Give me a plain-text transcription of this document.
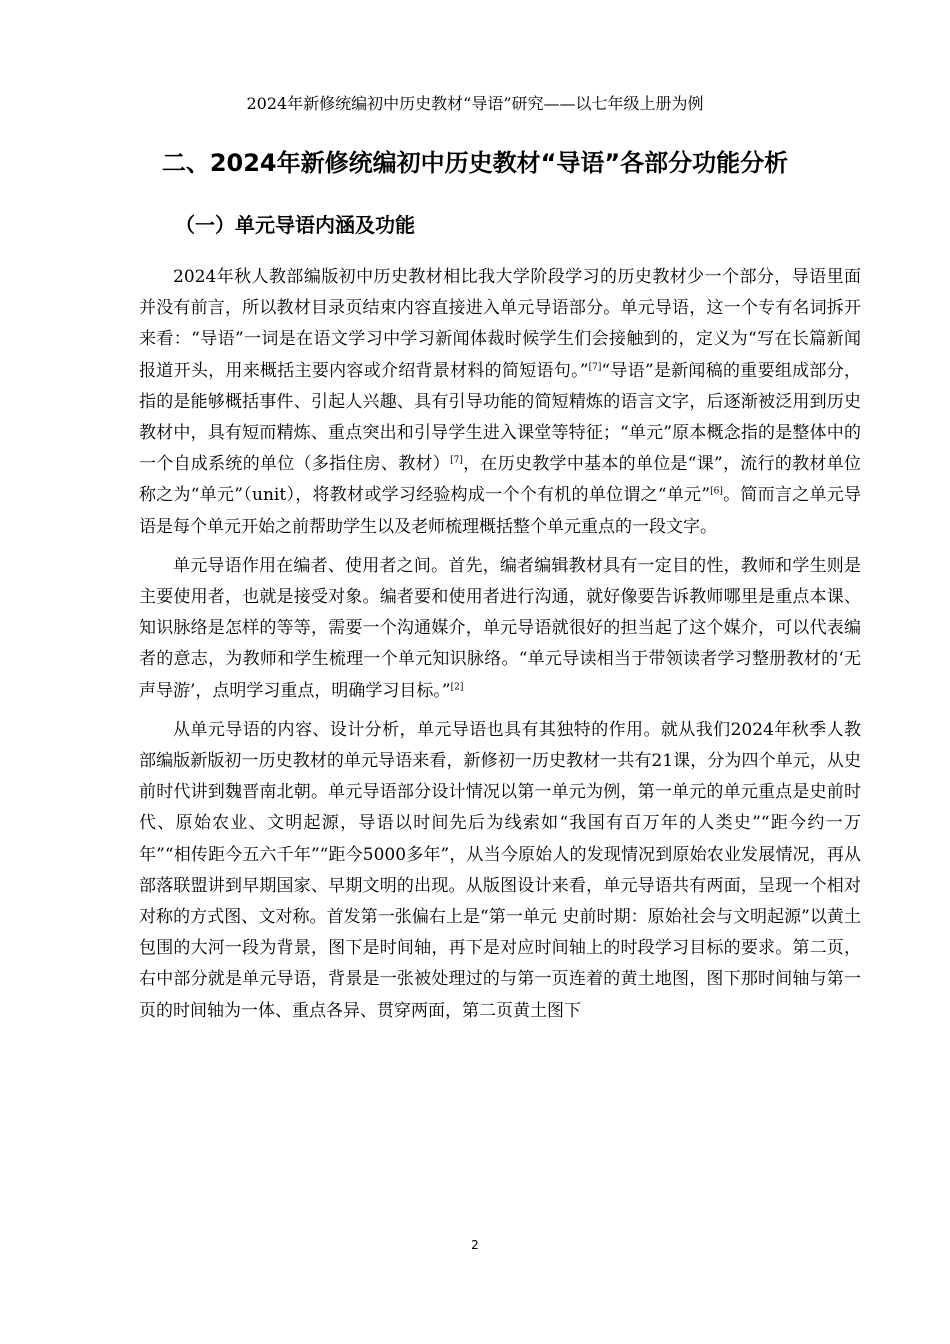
2024年新修统编初中历史教材“导语”研究——以七年级上册为例
二、2024年新修统编初中历史教材“导语”各部分功能分析
（一）单元导语内涵及功能

2024年秋人教部编版初中历史教材相比我大学阶段学习的历史教材少一个部分，导语里面并没有前言，所以教材目录页结束内容直接进入单元导语部分。单元导语，这一个专有名词拆开来看：“导语”一词是在语文学习中学习新闻体裁时候学生们会接触到的，定义为“写在长篇新闻报道开头，用来概括主要内容或介绍背景材料的简短语句。”[7]“导语”是新闻稿的重要组成部分，指的是能够概括事件、引起人兴趣、具有引导功能的简短精炼的语言文字，后逐渐被泛用到历史教材中，具有短而精炼、重点突出和引导学生进入课堂等特征；“单元”原本概念指的是整体中的一个自成系统的单位（多指住房、教材）[7]，在历史教学中基本的单位是“课”，流行的教材单位称之为“单元”（unit），将教材或学习经验构成一个个有机的单位谓之“单元”[6]。简而言之单元导语是每个单元开始之前帮助学生以及老师梳理概括整个单元重点的一段文字。

单元导语作用在编者、使用者之间。首先，编者编辑教材具有一定目的性，教师和学生则是主要使用者，也就是接受对象。编者要和使用者进行沟通，就好像要告诉教师哪里是重点本课、知识脉络是怎样的等等，需要一个沟通媒介，单元导语就很好的担当起了这个媒介，可以代表编者的意志，为教师和学生梳理一个单元知识脉络。“单元导读相当于带领读者学习整册教材的‘无声导游’，点明学习重点，明确学习目标。”[2]

从单元导语的内容、设计分析，单元导语也具有其独特的作用。就从我们2024年秋季人教部编版新版初一历史教材的单元导语来看，新修初一历史教材一共有21课，分为四个单元，从史前时代讲到魏晋南北朝。单元导语部分设计情况以第一单元为例，第一单元的单元重点是史前时代、原始农业、文明起源，导语以时间先后为线索如“我国有百万年的人类史”“距今约一万年”“相传距今五六千年”“距今5000多年”，从当今原始人的发现情况到原始农业发展情况，再从部落联盟讲到早期国家、早期文明的出现。从版图设计来看，单元导语共有两面，呈现一个相对对称的方式图、文对称。首发第一张偏右上是“第一单元 史前时期：原始社会与文明起源”以黄土包围的大河一段为背景，图下是时间轴，再下是对应时间轴上的时段学习目标的要求。第二页，右中部分就是单元导语，背景是一张被处理过的与第一页连着的黄土地图，图下那时间轴与第一页的时间轴为一体、重点各异、贯穿两面，第二页黄土图下

2
